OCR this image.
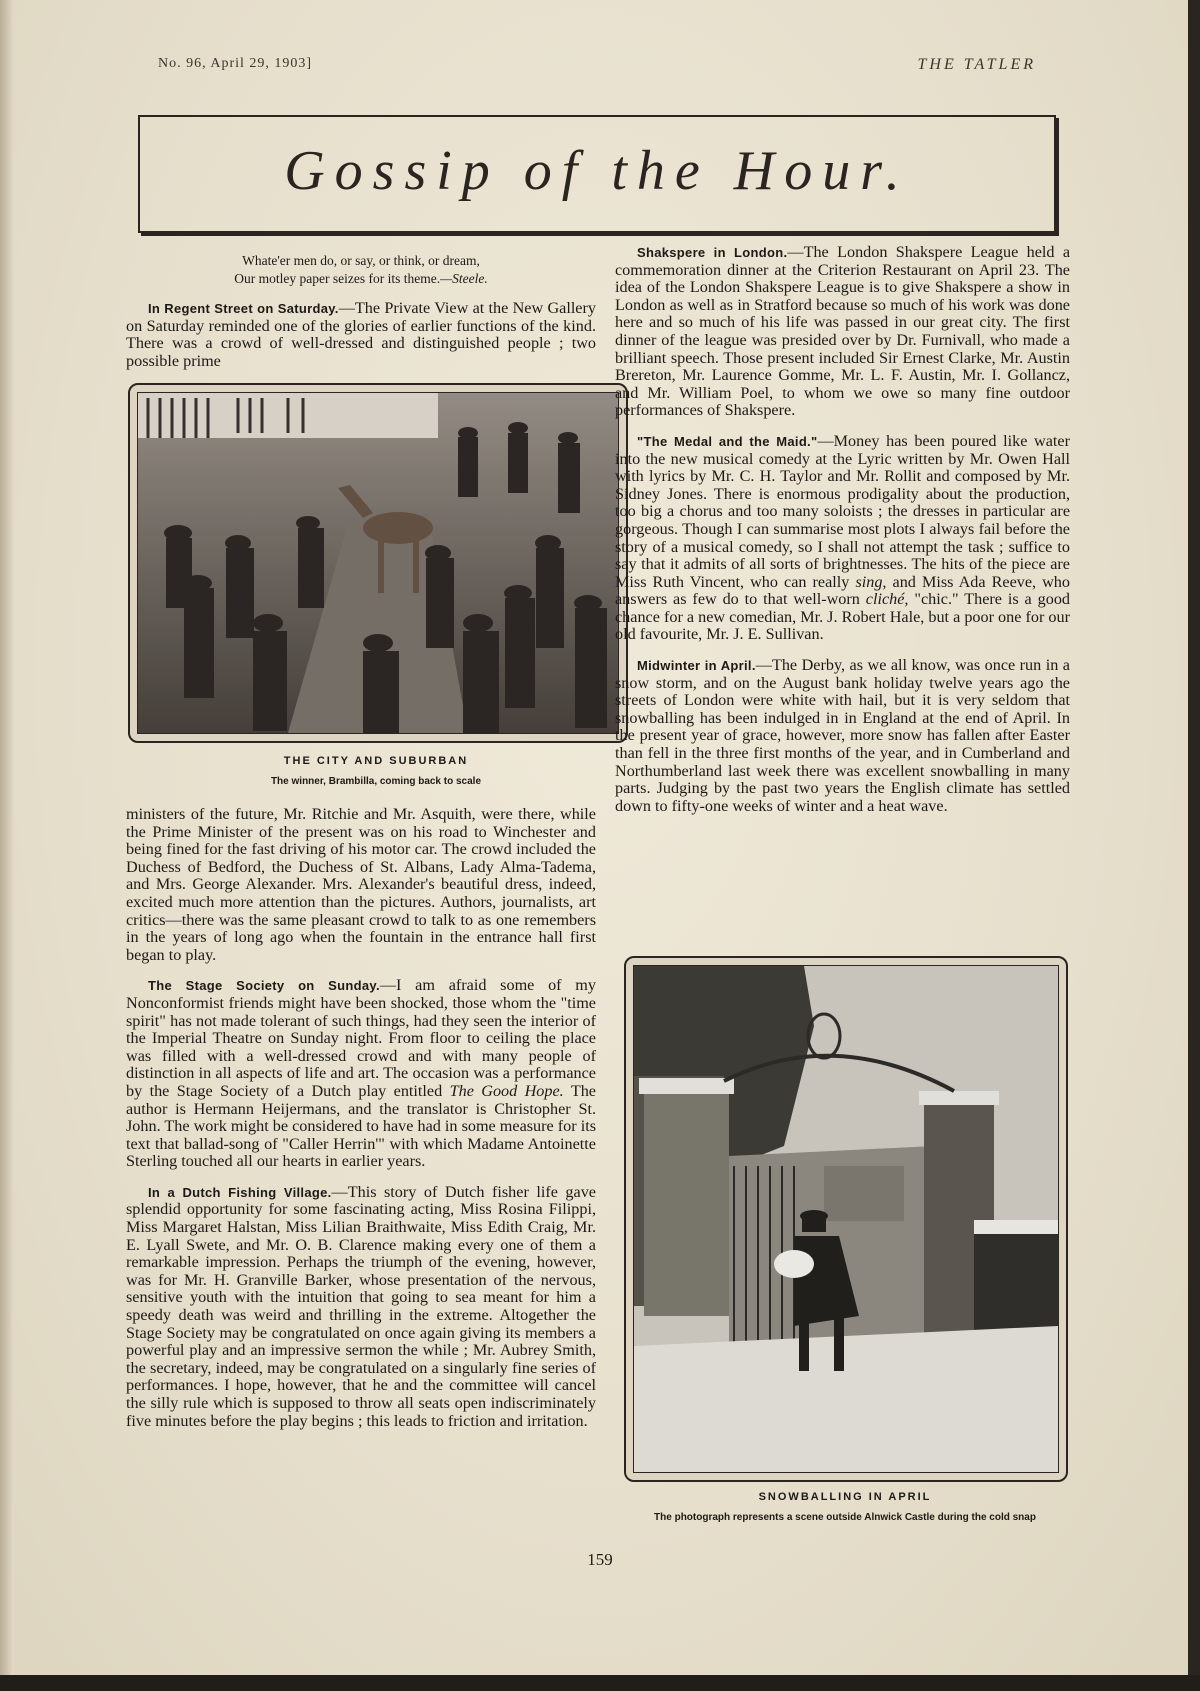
No. 96, April 29, 1903]	THE TATLER
Gossip of the Hour.
Whate'er men do, or say, or think, or dream,
Our motley paper seizes for its theme.—Steele.

In Regent Street on Saturday.—The Private View at the New Gallery on Saturday reminded one of the glories of earlier functions of the kind. There was a crowd of well-dressed and distinguished people ; two possible prime

THE CITY AND SUBURBAN
The winner, Brambilla, coming back to scale

ministers of the future, Mr. Ritchie and Mr. Asquith, were there, while the Prime Minister of the present was on his road to Winchester and being fined for the fast driving of his motor car. The crowd included the Duchess of Bedford, the Duchess of St. Albans, Lady Alma-Tadema, and Mrs. George Alexander. Mrs. Alexander's beautiful dress, indeed, excited much more attention than the pictures. Authors, journalists, art critics—there was the same pleasant crowd to talk to as one remembers in the years of long ago when the fountain in the entrance hall first began to play.

The Stage Society on Sunday.—I am afraid some of my Nonconformist friends might have been shocked, those whom the "time spirit" has not made tolerant of such things, had they seen the interior of the Imperial Theatre on Sunday night. From floor to ceiling the place was filled with a well-dressed crowd and with many people of distinction in all aspects of life and art. The occasion was a performance by the Stage Society of a Dutch play entitled The Good Hope. The author is Hermann Heijermans, and the translator is Christopher St. John. The work might be considered to have had in some measure for its text that ballad-song of "Caller Herrin'" with which Madame Antoinette Sterling touched all our hearts in earlier years.

In a Dutch Fishing Village.—This story of Dutch fisher life gave splendid opportunity for some fascinating acting, Miss Rosina Filippi, Miss Margaret Halstan, Miss Lilian Braithwaite, Miss Edith Craig, Mr. E. Lyall Swete, and Mr. O. B. Clarence making every one of them a remarkable impression. Perhaps the triumph of the evening, however, was for Mr. H. Granville Barker, whose presentation of the nervous, sensitive youth with the intuition that going to sea meant for him a speedy death was weird and thrilling in the extreme. Altogether the Stage Society may be congratulated on once again giving its members a powerful play and an impressive sermon the while ; Mr. Aubrey Smith, the secretary, indeed, may be congratulated on a singularly fine series of performances. I hope, however, that he and the committee will cancel the silly rule which is supposed to throw all seats open indiscriminately five minutes before the play begins ; this leads to friction and irritation.

Shakspere in London.—The London Shakspere League held a commemoration dinner at the Criterion Restaurant on April 23. The idea of the London Shakspere League is to give Shakspere a show in London as well as in Stratford because so much of his work was done here and so much of his life was passed in our great city. The first dinner of the league was presided over by Dr. Furnivall, who made a brilliant speech. Those present included Sir Ernest Clarke, Mr. Austin Brereton, Mr. Laurence Gomme, Mr. L. F. Austin, Mr. I. Gollancz, and Mr. William Poel, to whom we owe so many fine outdoor performances of Shakspere.

"The Medal and the Maid."—Money has been poured like water into the new musical comedy at the Lyric written by Mr. Owen Hall with lyrics by Mr. C. H. Taylor and Mr. Rollit and composed by Mr. Sidney Jones. There is enormous prodigality about the production, too big a chorus and too many soloists ; the dresses in particular are gorgeous. Though I can summarise most plots I always fail before the story of a musical comedy, so I shall not attempt the task ; suffice to say that it admits of all sorts of brightnesses. The hits of the piece are Miss Ruth Vincent, who can really sing, and Miss Ada Reeve, who answers as few do to that well-worn cliché, "chic." There is a good chance for a new comedian, Mr. J. Robert Hale, but a poor one for our old favourite, Mr. J. E. Sullivan.

Midwinter in April.—The Derby, as we all know, was once run in a snow storm, and on the August bank holiday twelve years ago the streets of London were white with hail, but it is very seldom that snowballing has been indulged in in England at the end of April. In the present year of grace, however, more snow has fallen after Easter than fell in the three first months of the year, and in Cumberland and Northumberland last week there was excellent snowballing in many parts. Judging by the past two years the English climate has settled down to fifty-one weeks of winter and a heat wave.

SNOWBALLING IN APRIL
The photograph represents a scene outside Alnwick Castle during the cold snap
159
